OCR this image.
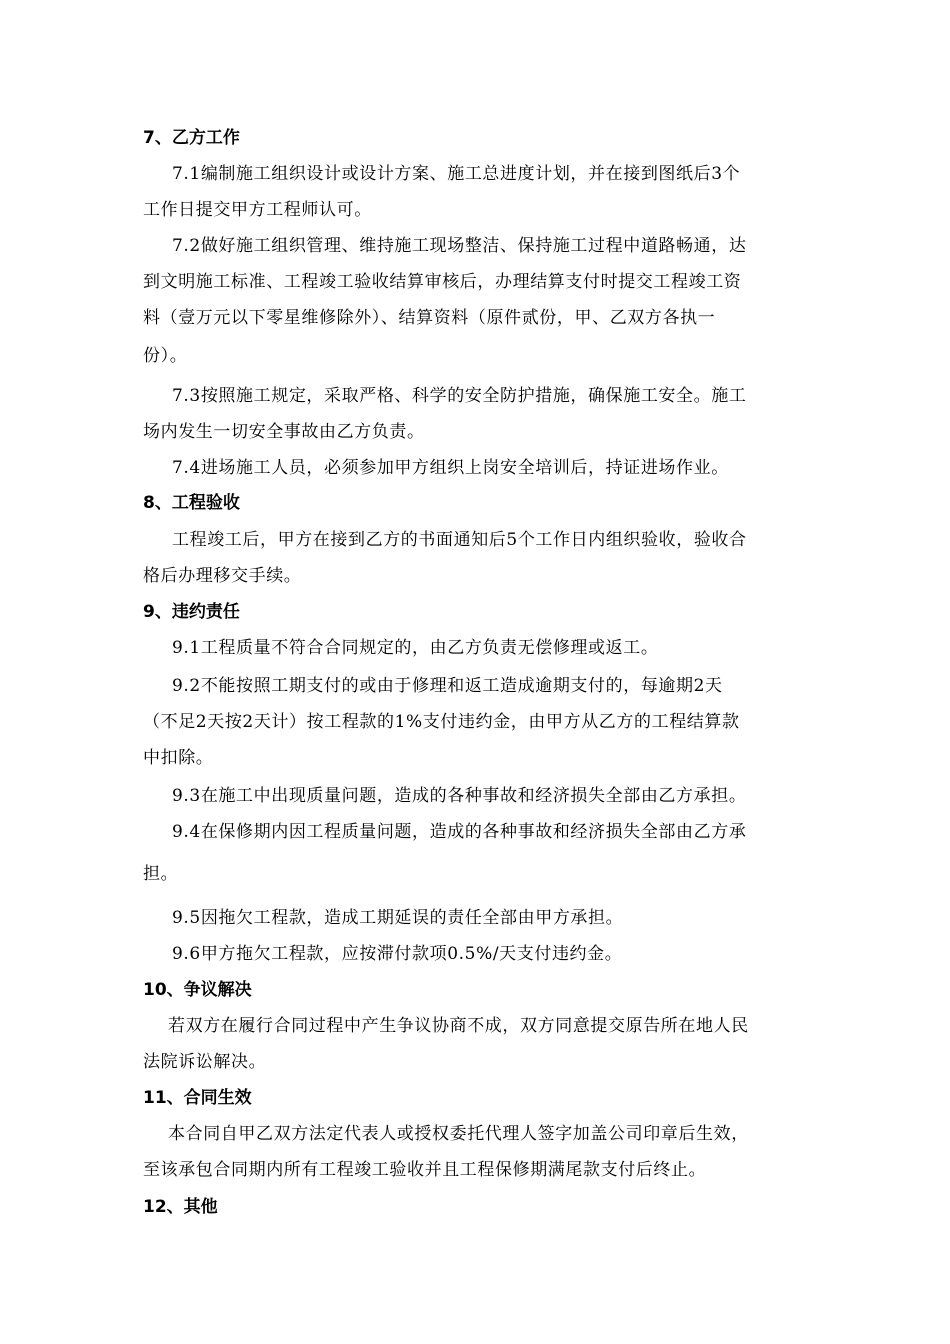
7、乙方工作
7.1编制施工组织设计或设计方案、施工总进度计划，并在接到图纸后3个
工作日提交甲方工程师认可。
7.2做好施工组织管理、维持施工现场整洁、保持施工过程中道路畅通，达
到文明施工标准、工程竣工验收结算审核后，办理结算支付时提交工程竣工资
料（壹万元以下零星维修除外）、结算资料（原件贰份，甲、乙双方各执一
份）。
7.3按照施工规定，采取严格、科学的安全防护措施，确保施工安全。施工
场内发生一切安全事故由乙方负责。
7.4进场施工人员，必须参加甲方组织上岗安全培训后，持证进场作业。
8、工程验收
工程竣工后，甲方在接到乙方的书面通知后5个工作日内组织验收，验收合
格后办理移交手续。
9、违约责任
9.1工程质量不符合合同规定的，由乙方负责无偿修理或返工。
9.2不能按照工期支付的或由于修理和返工造成逾期支付的，每逾期2天
（不足2天按2天计）按工程款的1%支付违约金，由甲方从乙方的工程结算款
中扣除。
9.3在施工中出现质量问题，造成的各种事故和经济损失全部由乙方承担。
9.4在保修期内因工程质量问题，造成的各种事故和经济损失全部由乙方承
担。
9.5因拖欠工程款，造成工期延误的责任全部由甲方承担。
9.6甲方拖欠工程款，应按滞付款项0.5%/天支付违约金。
10、争议解决
若双方在履行合同过程中产生争议协商不成，双方同意提交原告所在地人民
法院诉讼解决。
11、合同生效
本合同自甲乙双方法定代表人或授权委托代理人签字加盖公司印章后生效，
至该承包合同期内所有工程竣工验收并且工程保修期满尾款支付后终止。
12、其他
